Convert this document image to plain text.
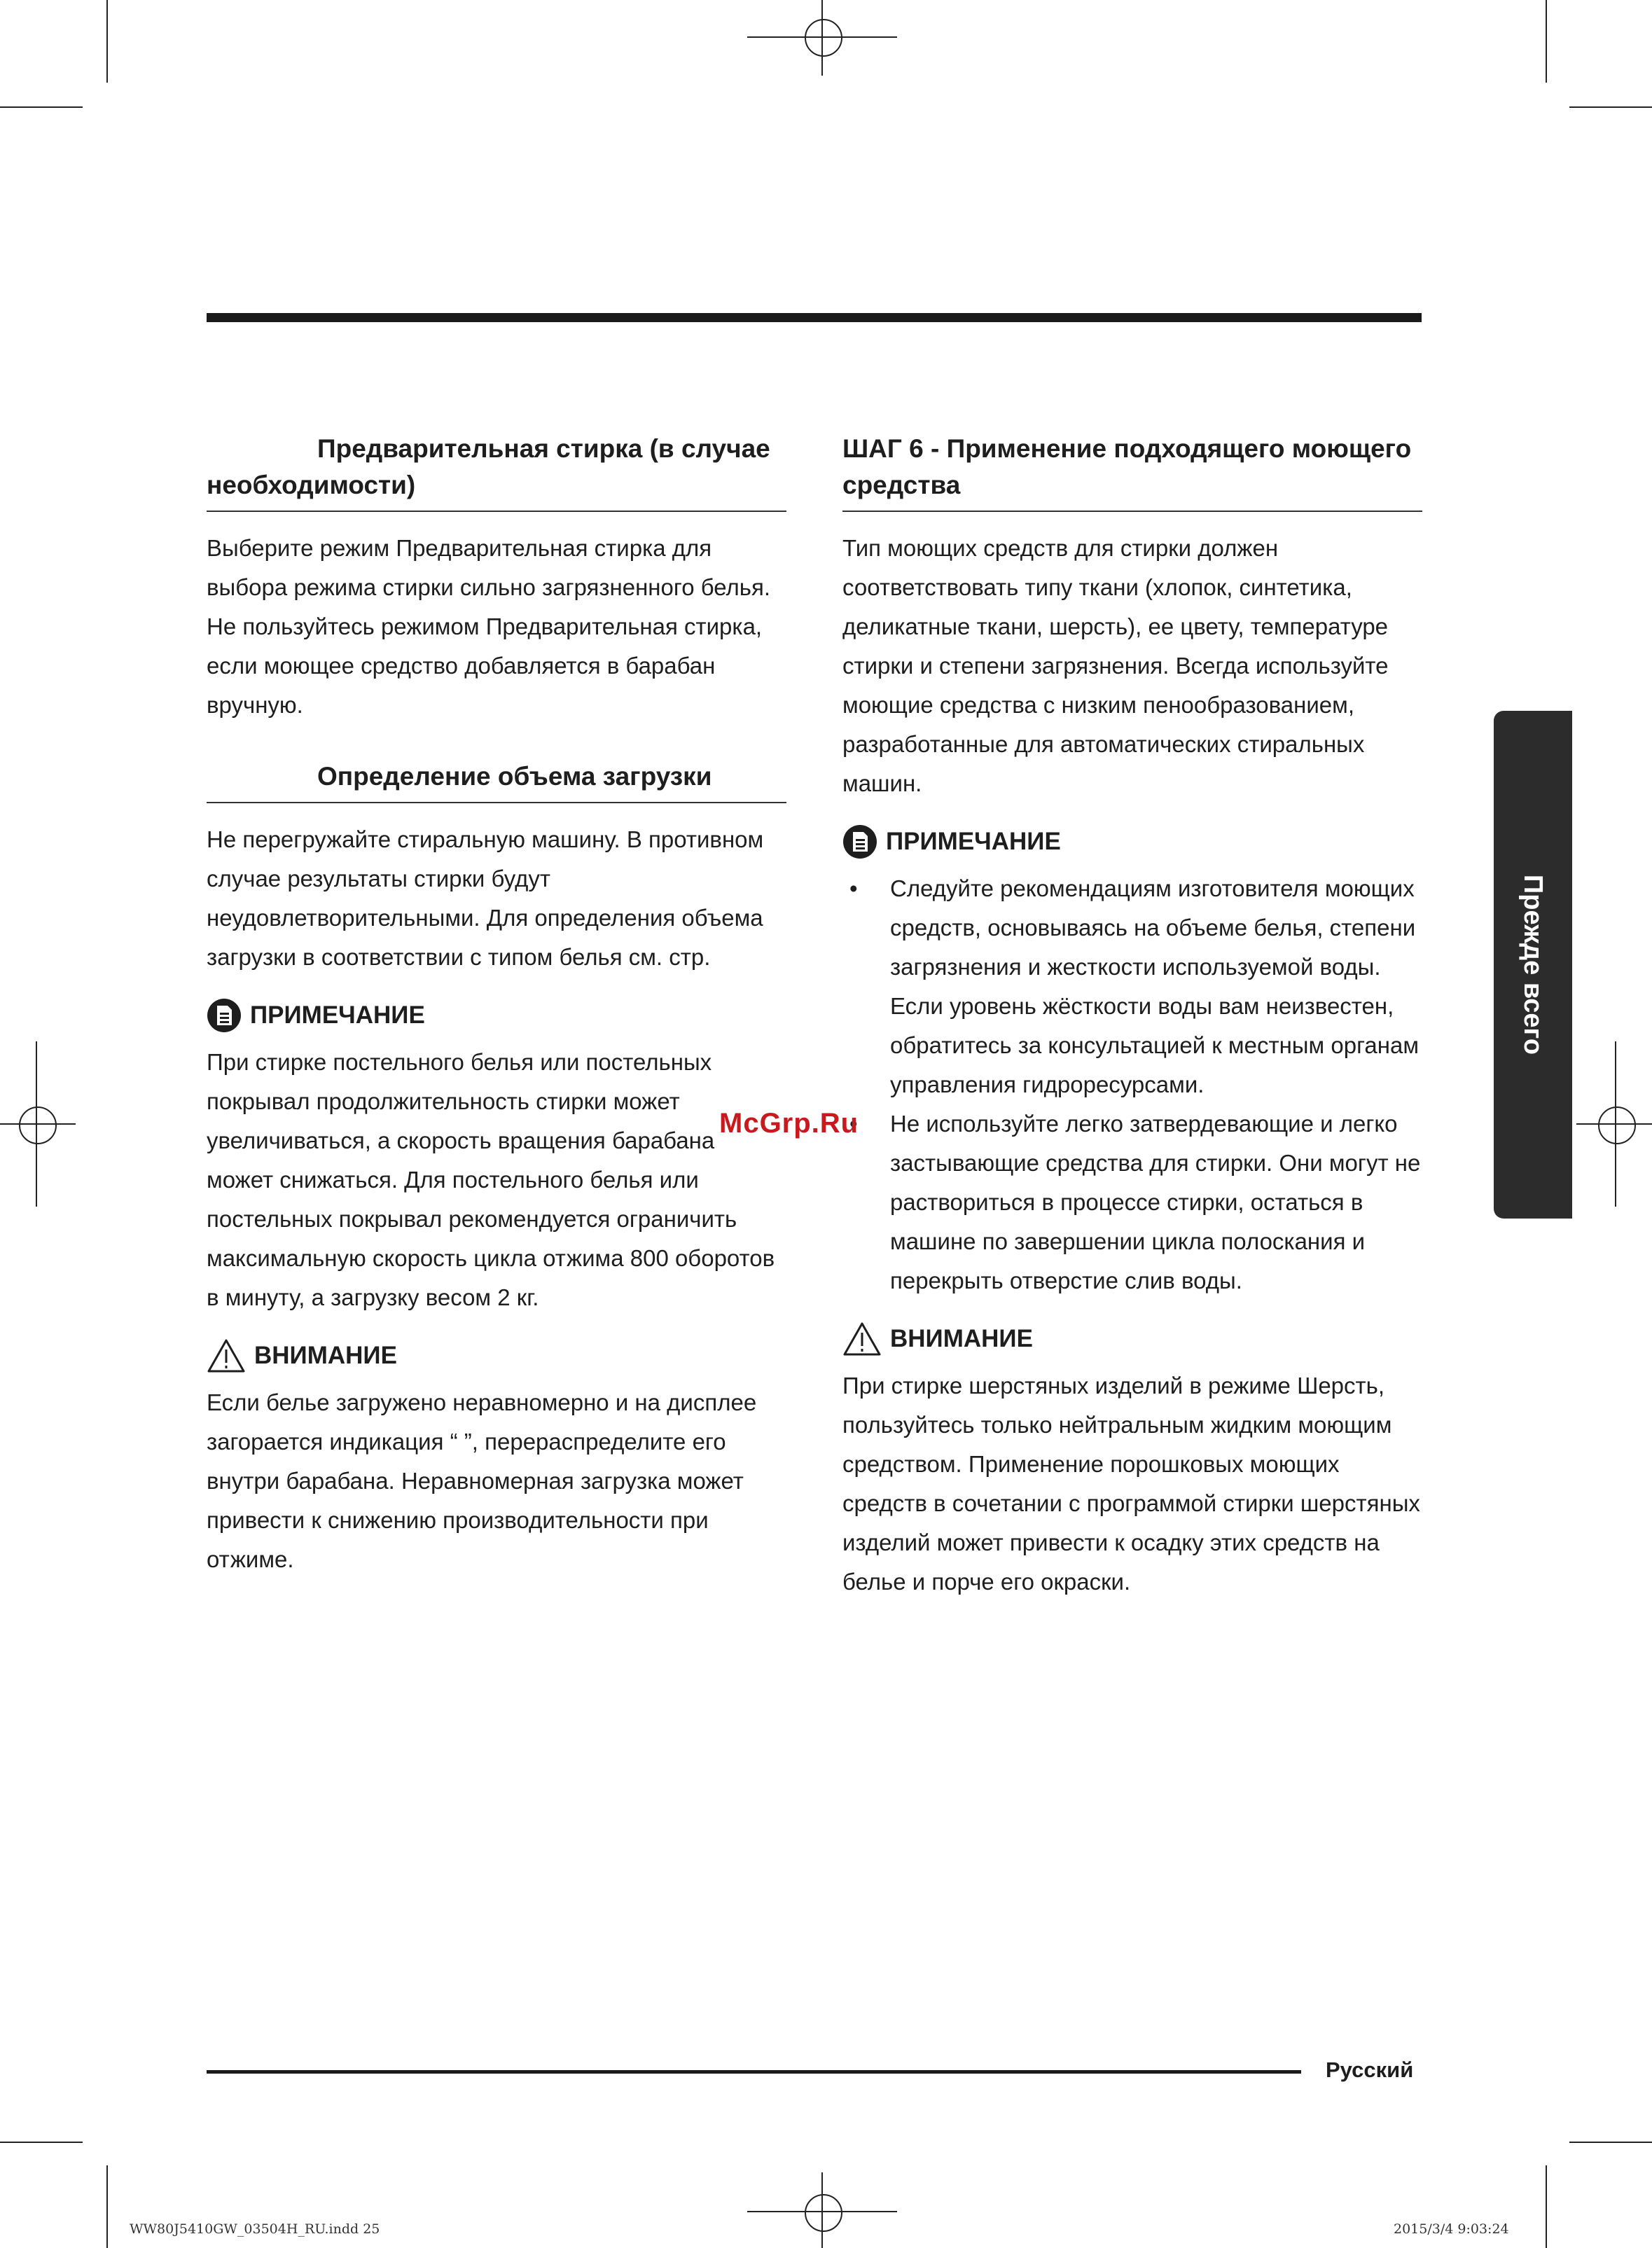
Предварительная стирка (в случае необходимости)

Выберите режим Предварительная стирка для выбора режима стирки сильно загрязненного белья. Не пользуйтесь режимом Предварительная стирка, если моющее средство добавляется в барабан вручную.

Определение объема загрузки

Не перегружайте стиральную машину. В противном случае результаты стирки будут неудовлетворительными. Для определения объема загрузки в соответствии с типом белья см. стр.

ПРИМЕЧАНИЕ

При стирке постельного белья или постельных покрывал продолжительность стирки может увеличиваться, а скорость вращения барабана может снижаться. Для постельного белья или постельных покрывал рекомендуется ограничить максимальную скорость цикла отжима 800 оборотов в минуту, а загрузку весом 2 кг.

ВНИМАНИЕ

Если белье загружено неравномерно и на дисплее загорается индикация “ ”, перераспределите его внутри барабана. Неравномерная загрузка может привести к снижению производительности при отжиме.

ШАГ 6 - Применение подходящего моющего средства

Тип моющих средств для стирки должен соответствовать типу ткани (хлопок, синтетика, деликатные ткани, шерсть), ее цвету, температуре стирки и степени загрязнения. Всегда используйте моющие средства с низким пенообразованием, разработанные для автоматических стиральных машин.

ПРИМЕЧАНИЕ
• Следуйте рекомендациям изготовителя моющих средств, основываясь на объеме белья, степени загрязнения и жесткости используемой воды. Если уровень жёсткости воды вам неизвестен, обратитесь за консультацией к местным органам управления гидроресурсами.
• Не используйте легко затвердевающие и легко застывающие средства для стирки. Они могут не раствориться в процессе стирки, остаться в машине по завершении цикла полоскания и перекрыть отверстие слив воды.
ВНИМАНИЕ

При стирке шерстяных изделий в режиме Шерсть, пользуйтесь только нейтральным жидким моющим средством. Применение порошковых моющих средств в сочетании с программой стирки шерстяных изделий может привести к осадку этих средств на белье и порче его окраски.

Прежде всего
McGrp.Ru
Русский
WW80J5410GW_03504H_RU.indd 25	2015/3/4 9:03:24
